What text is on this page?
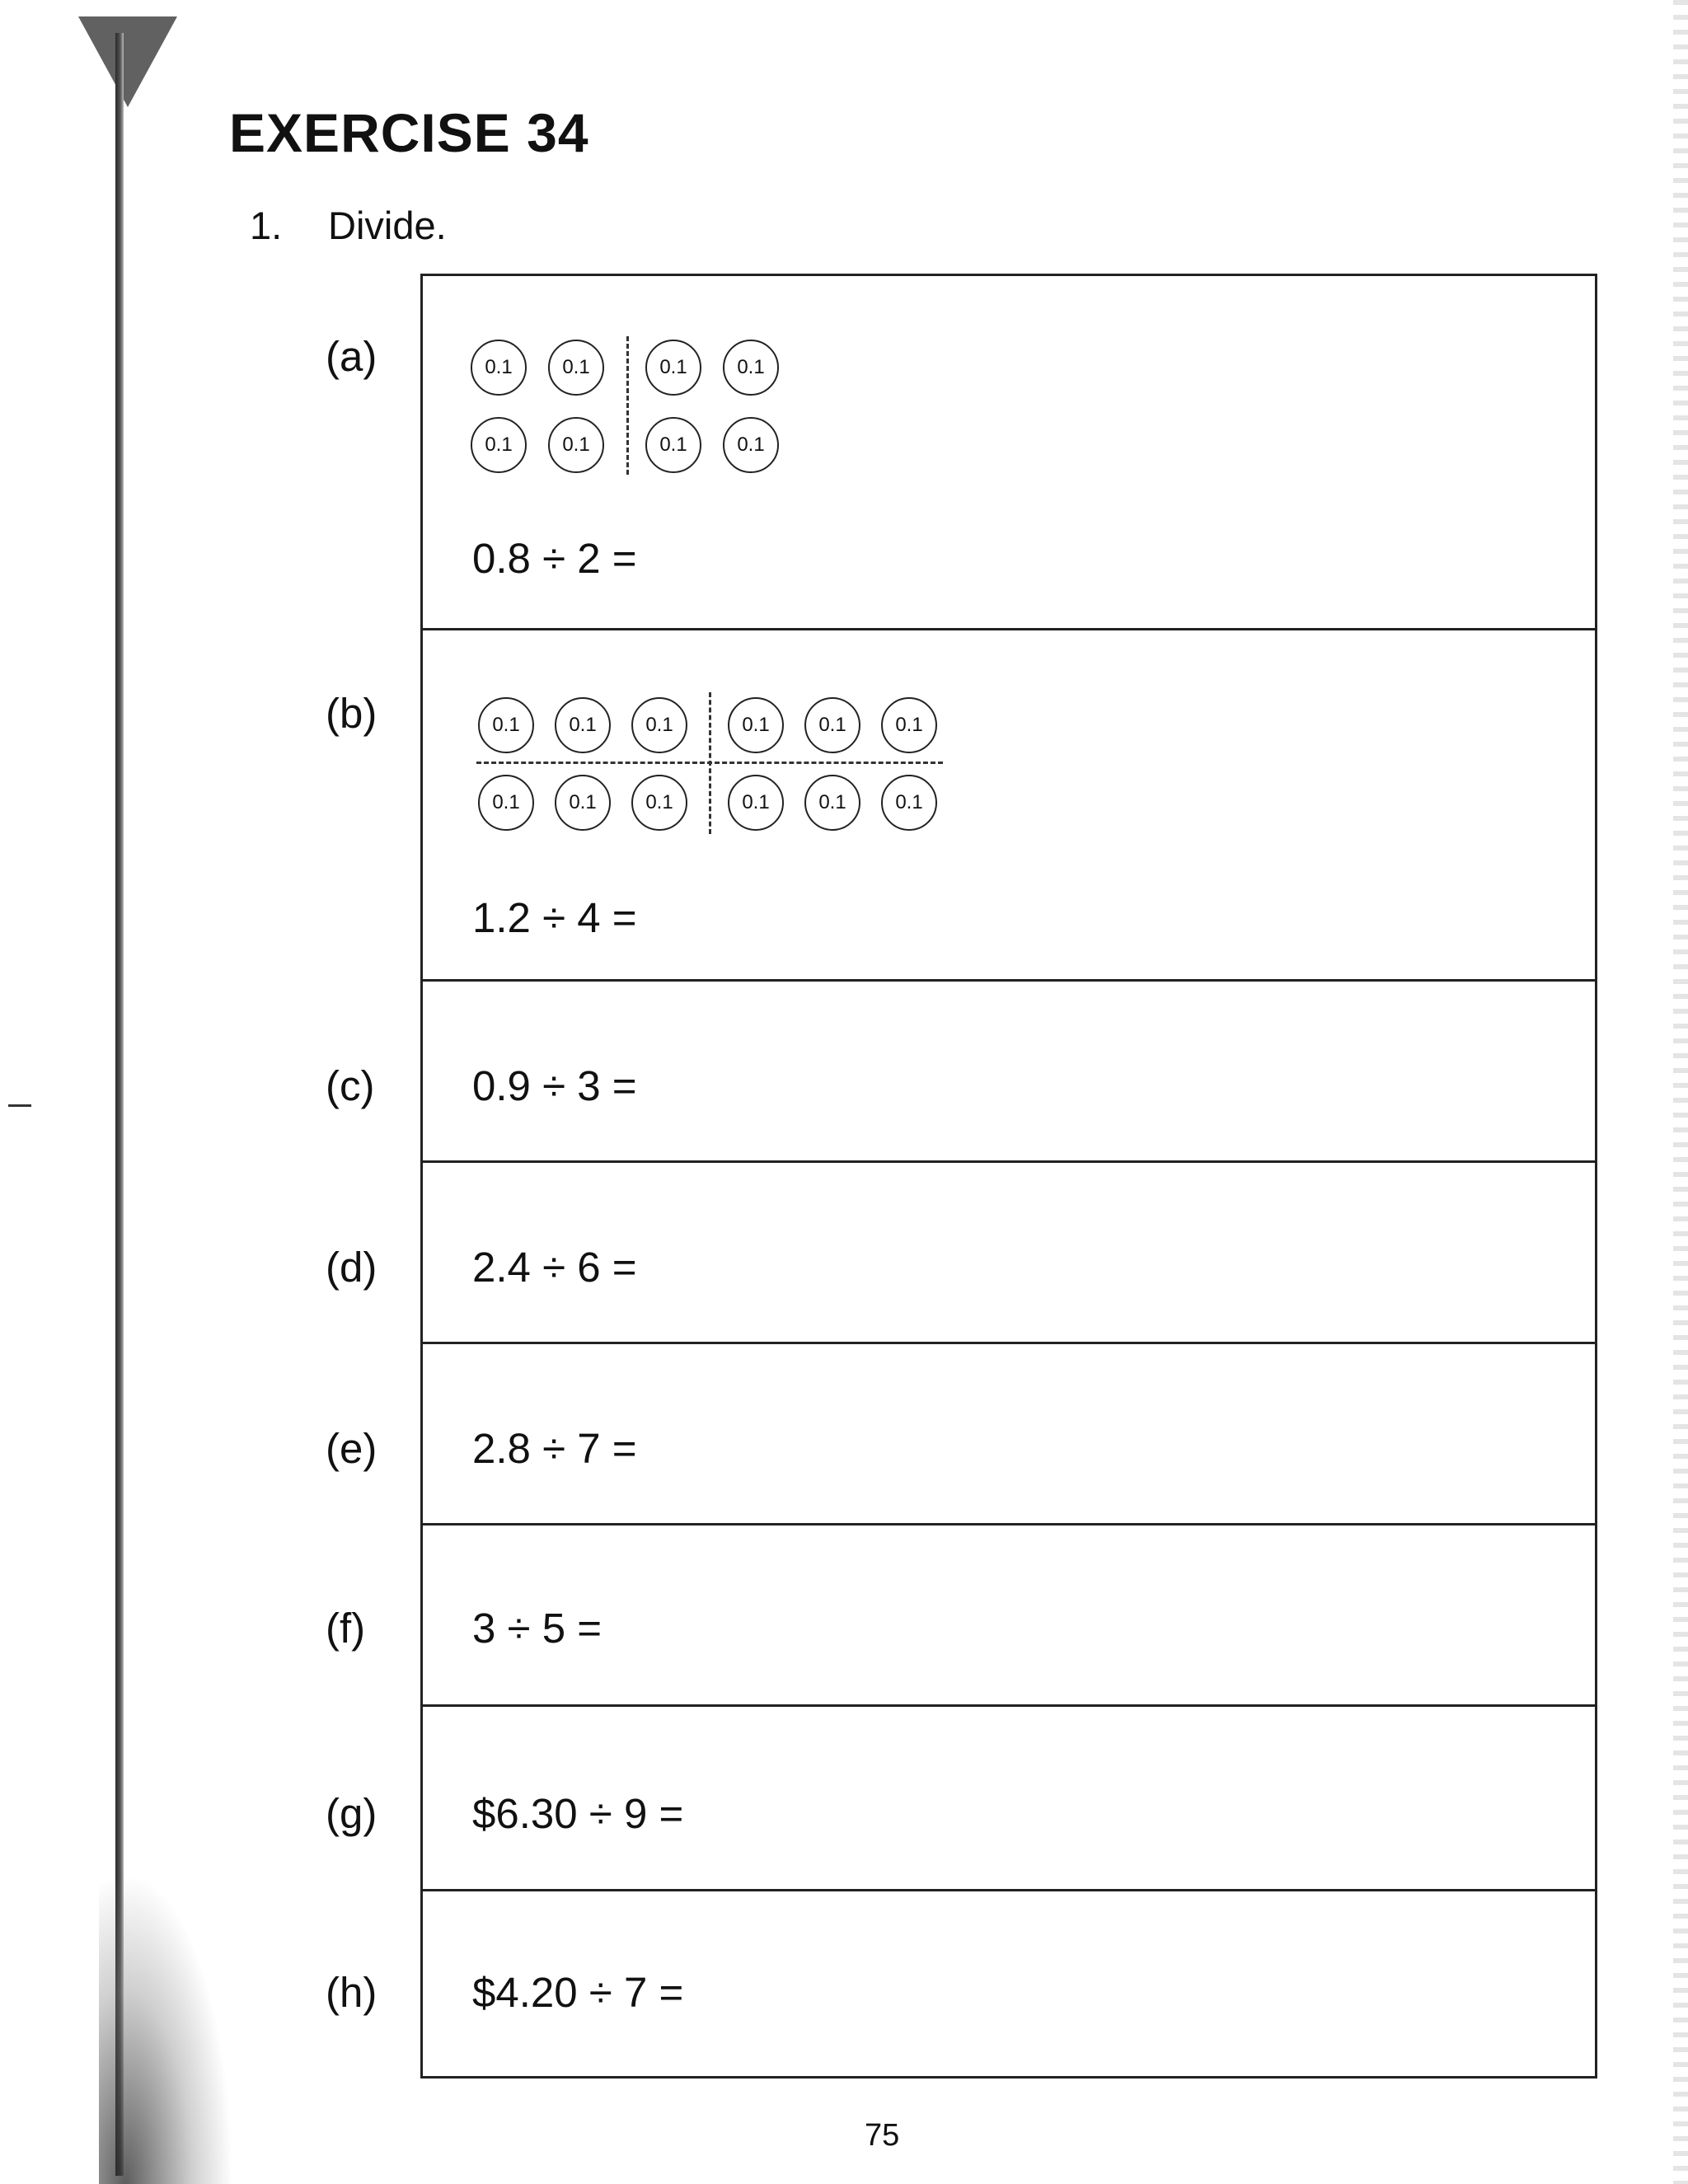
EXERCISE 34
1. Divide.
(a)	0.1	0.1	0.1	0.1
0.1	0.1	0.1	0.1
0.8 ÷ 2 =
(b)	0.1	0.1	0.1	0.1	0.1	0.1
0.1	0.1	0.1	0.1	0.1	0.1
1.2 ÷ 4 =
(c) 0.9 ÷ 3 =
(d) 2.4 ÷ 6 =
(e) 2.8 ÷ 7 =
(f)	3 ÷ 5 =
(g) $6.30 ÷ 9 =
(h) $4.20 ÷ 7 =
75
